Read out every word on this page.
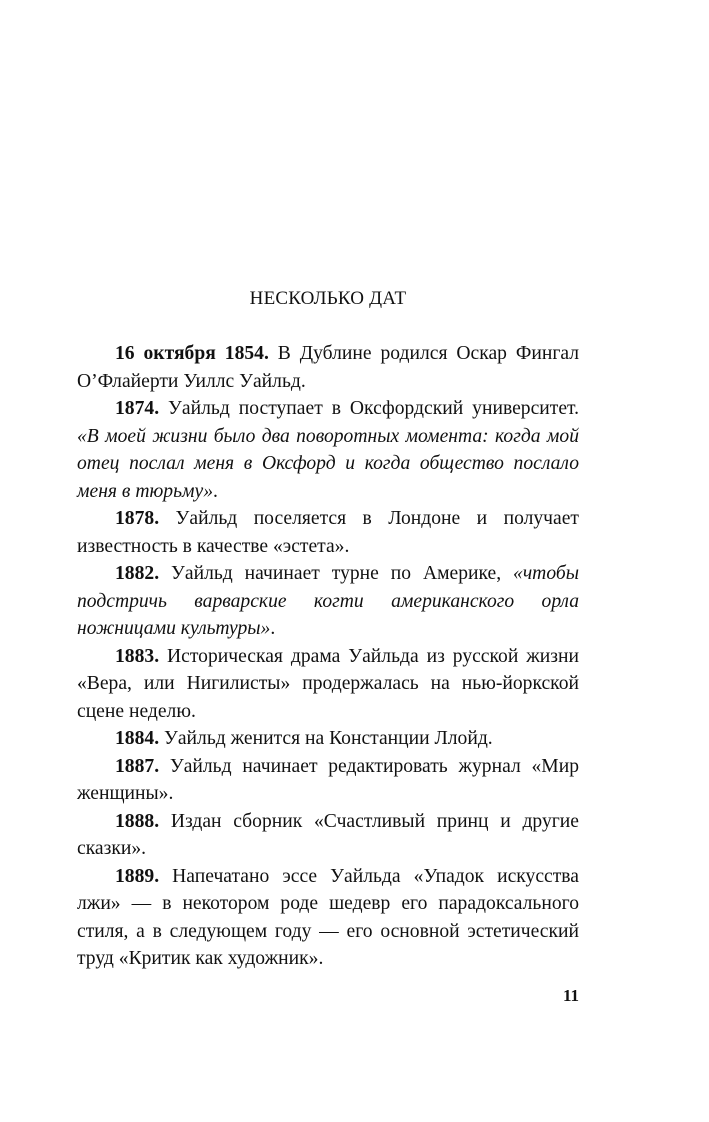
НЕСКОЛЬКО ДАТ

16 октября 1854. В Дублине родился Оскар Фингал О’Флайерти Уиллс Уайльд.

1874. Уайльд поступает в Оксфордский университет. «В моей жизни было два поворотных момента: когда мой отец послал меня в Оксфорд и когда общество послало меня в тюрьму».

1878. Уайльд поселяется в Лондоне и получает известность в качестве «эстета».

1882. Уайльд начинает турне по Америке, «чтобы подстричь варварские когти американского орла ножницами культуры».

1883. Историческая драма Уайльда из русской жизни «Вера, или Нигилисты» продержалась на нью-йоркской сцене неделю.

1884. Уайльд женится на Констанции Ллойд.

1887. Уайльд начинает редактировать журнал «Мир женщины».

1888. Издан сборник «Счастливый принц и другие сказки».

1889. Напечатано эссе Уайльда «Упадок искусства лжи» — в некотором роде шедевр его парадоксального стиля, а в следующем году — его основной эстетический труд «Критик как художник».

11
